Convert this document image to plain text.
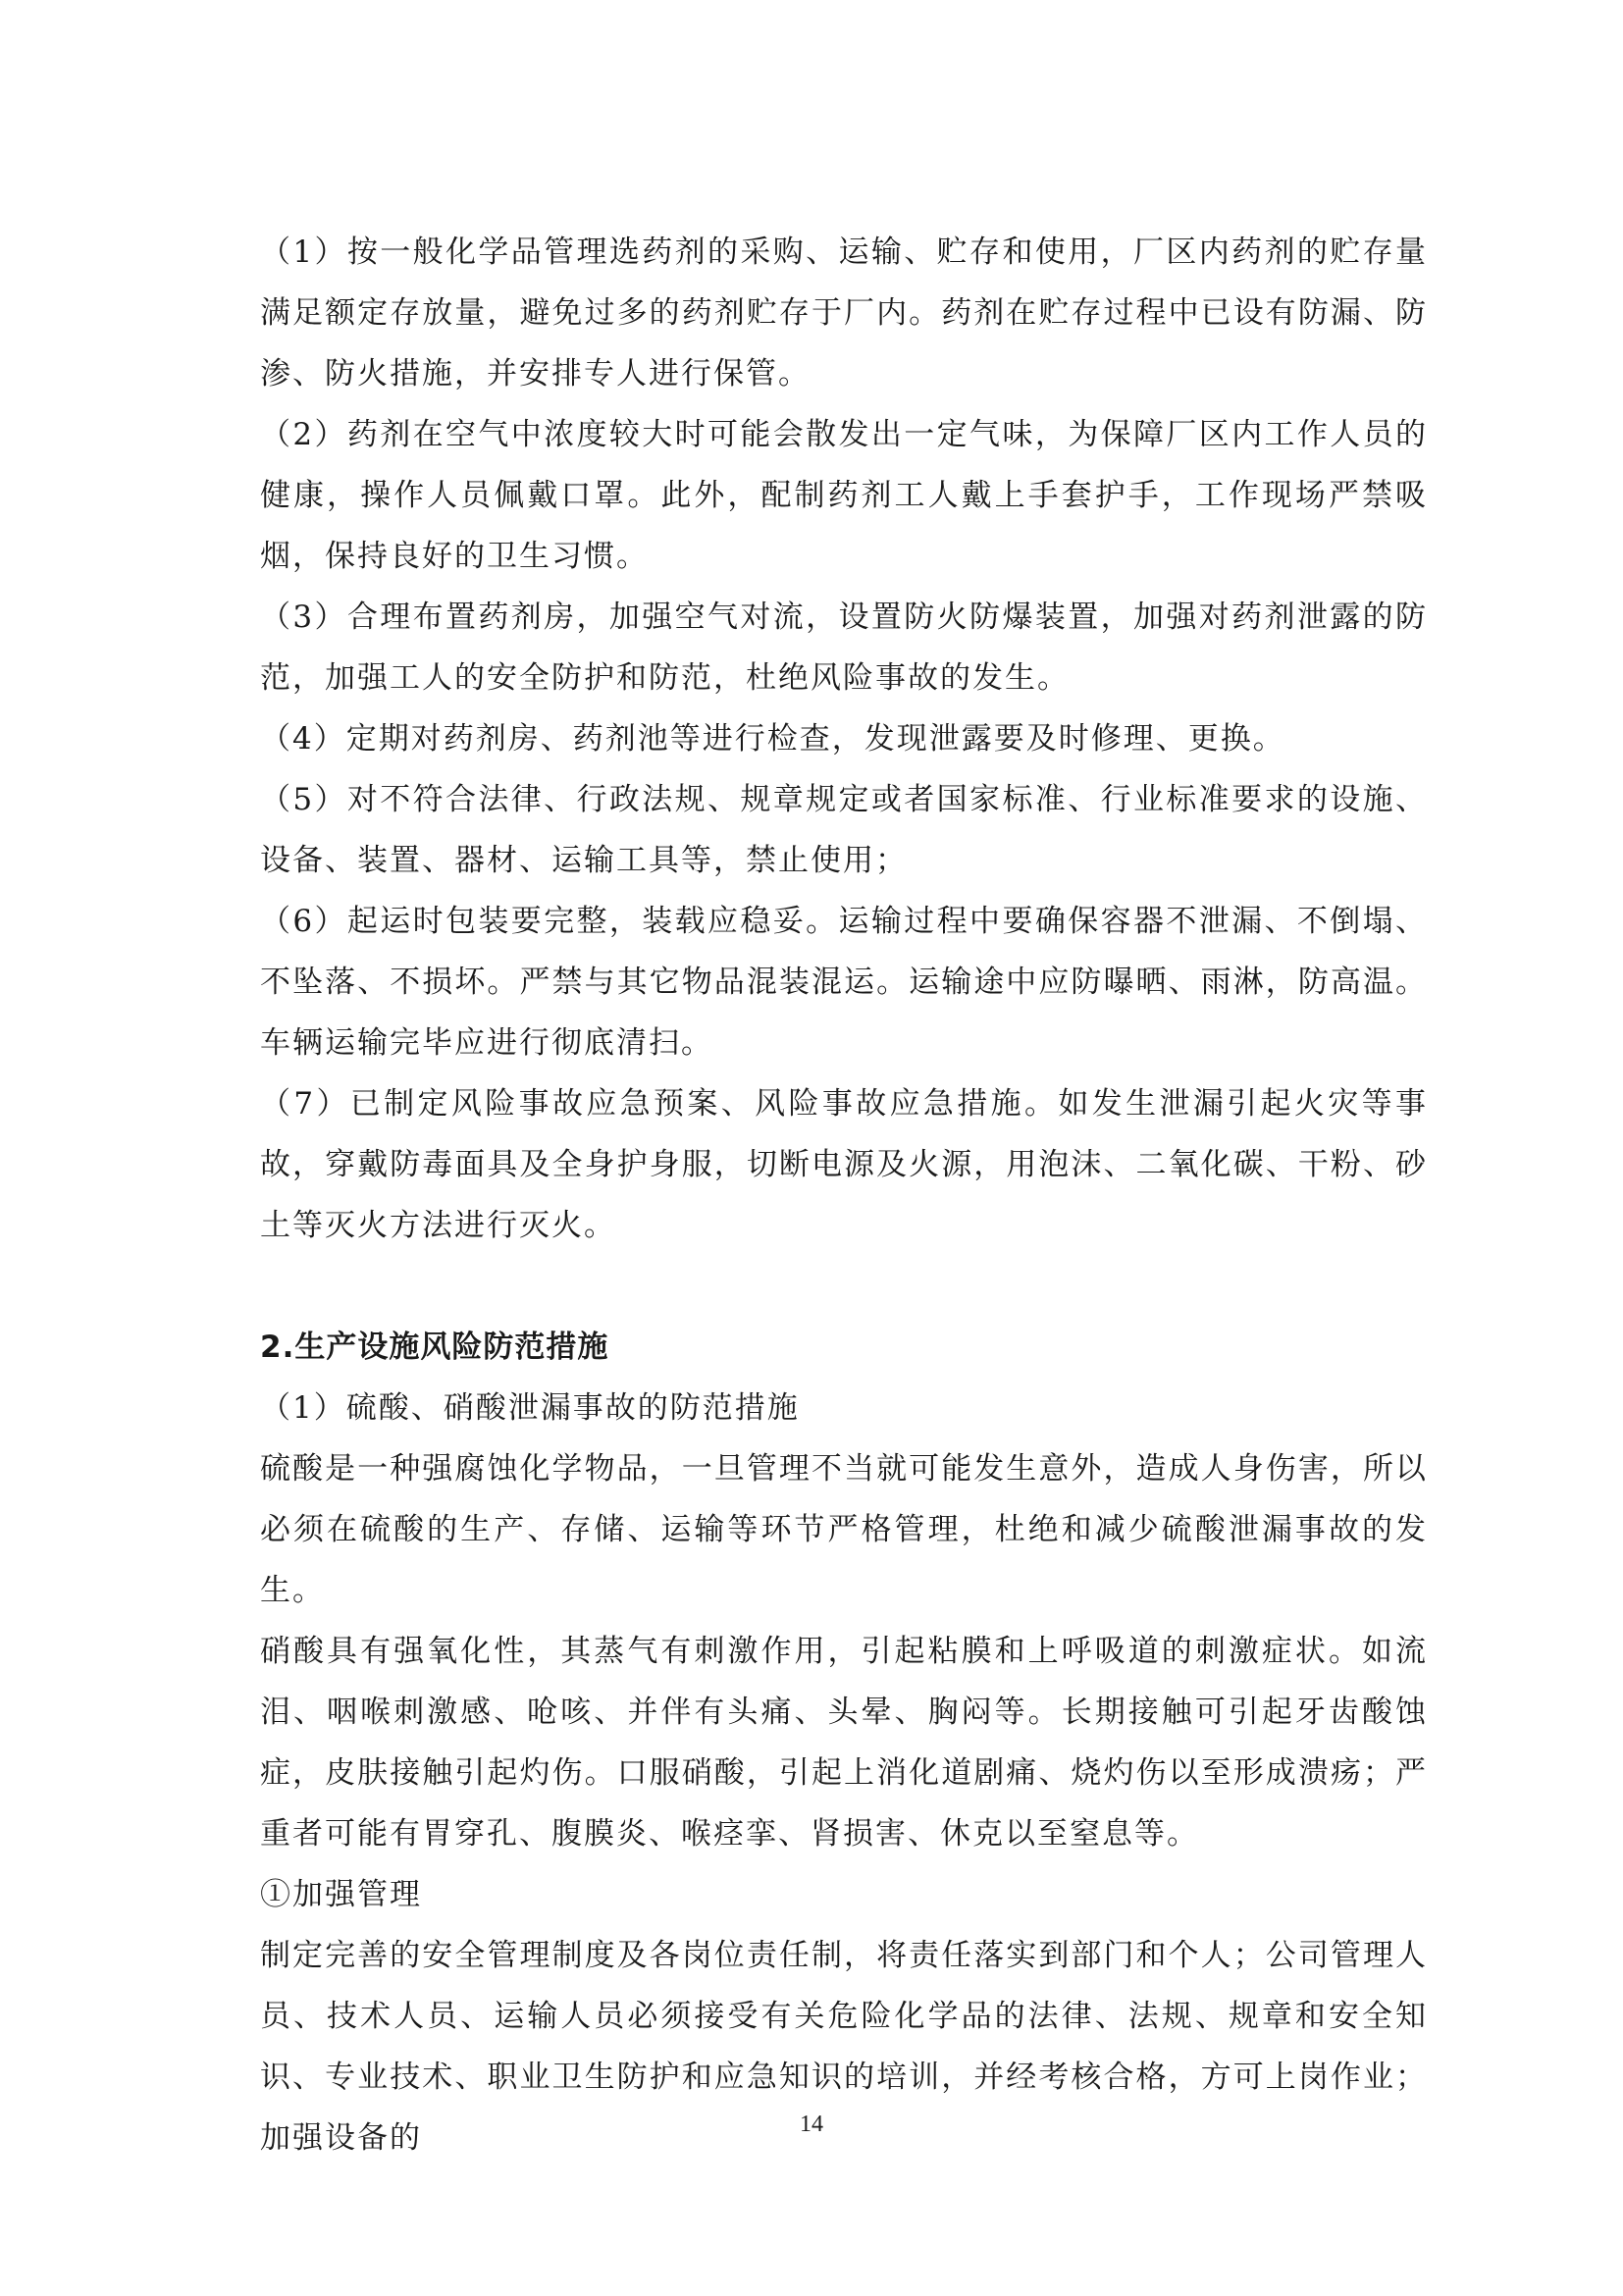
（1）按一般化学品管理选药剂的采购、运输、贮存和使用，厂区内药剂的贮存量满足额定存放量，避免过多的药剂贮存于厂内。药剂在贮存过程中已设有防漏、防渗、防火措施，并安排专人进行保管。

（2）药剂在空气中浓度较大时可能会散发出一定气味，为保障厂区内工作人员的健康，操作人员佩戴口罩。此外，配制药剂工人戴上手套护手，工作现场严禁吸烟，保持良好的卫生习惯。

（3）合理布置药剂房，加强空气对流，设置防火防爆装置，加强对药剂泄露的防范，加强工人的安全防护和防范，杜绝风险事故的发生。

（4）定期对药剂房、药剂池等进行检查，发现泄露要及时修理、更换。

（5）对不符合法律、行政法规、规章规定或者国家标准、行业标准要求的设施、设备、装置、器材、运输工具等，禁止使用；

（6）起运时包装要完整，装载应稳妥。运输过程中要确保容器不泄漏、不倒塌、不坠落、不损坏。严禁与其它物品混装混运。运输途中应防曝晒、雨淋，防高温。车辆运输完毕应进行彻底清扫。

（7）已制定风险事故应急预案、风险事故应急措施。如发生泄漏引起火灾等事故，穿戴防毒面具及全身护身服，切断电源及火源，用泡沫、二氧化碳、干粉、砂土等灭火方法进行灭火。

2.生产设施风险防范措施

（1）硫酸、硝酸泄漏事故的防范措施

硫酸是一种强腐蚀化学物品，一旦管理不当就可能发生意外，造成人身伤害，所以必须在硫酸的生产、存储、运输等环节严格管理，杜绝和减少硫酸泄漏事故的发生。

硝酸具有强氧化性，其蒸气有刺激作用，引起粘膜和上呼吸道的刺激症状。如流泪、咽喉刺激感、呛咳、并伴有头痛、头晕、胸闷等。长期接触可引起牙齿酸蚀症，皮肤接触引起灼伤。口服硝酸，引起上消化道剧痛、烧灼伤以至形成溃疡；严重者可能有胃穿孔、腹膜炎、喉痉挛、肾损害、休克以至窒息等。

①加强管理

制定完善的安全管理制度及各岗位责任制，将责任落实到部门和个人；公司管理人员、技术人员、运输人员必须接受有关危险化学品的法律、法规、规章和安全知识、专业技术、职业卫生防护和应急知识的培训，并经考核合格，方可上岗作业；加强设备的	14
